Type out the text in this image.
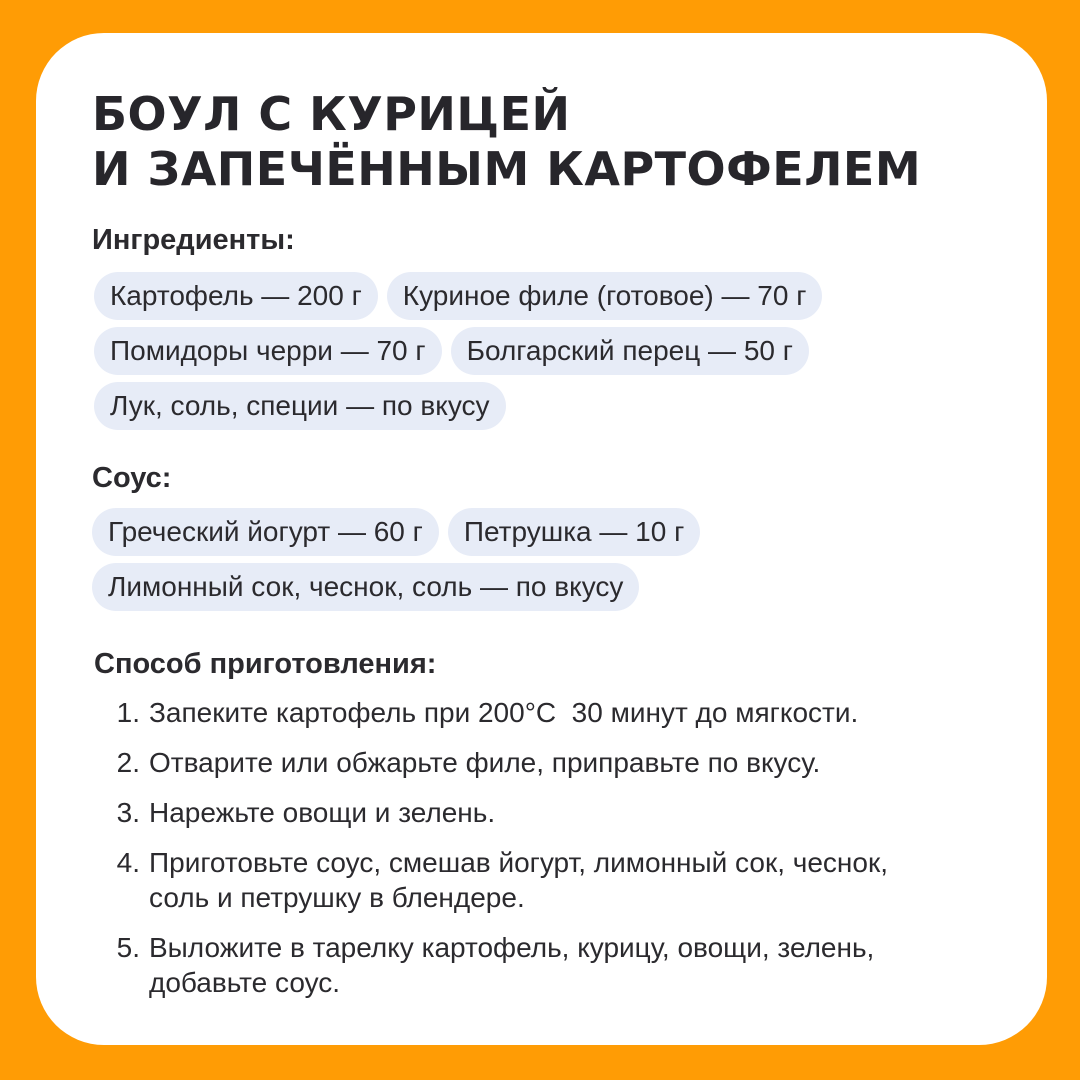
БОУЛ С КУРИЦЕЙ
И ЗАПЕЧЁННЫМ КАРТОФЕЛЕМ
Ингредиенты:
Картофель — 200 г	Куриное филе (готовое) — 70 г
Помидоры черри — 70 г	Болгарский перец — 50 г
Лук, соль, специи — по вкусу
Соус:
Греческий йогурт — 60 г	Петрушка — 10 г
Лимонный сок, чеснок, соль — по вкусу
Способ приготовления:
1. Запеките картофель при 200°С  30 минут до мягкости.
2. Отварите или обжарьте филе, приправьте по вкусу.
3. Нарежьте овощи и зелень.
4. Приготовьте соус, смешав йогурт, лимонный сок, чеснок,
соль и петрушку в блендере.
5. Выложите в тарелку картофель, курицу, овощи, зелень,
добавьте соус.
